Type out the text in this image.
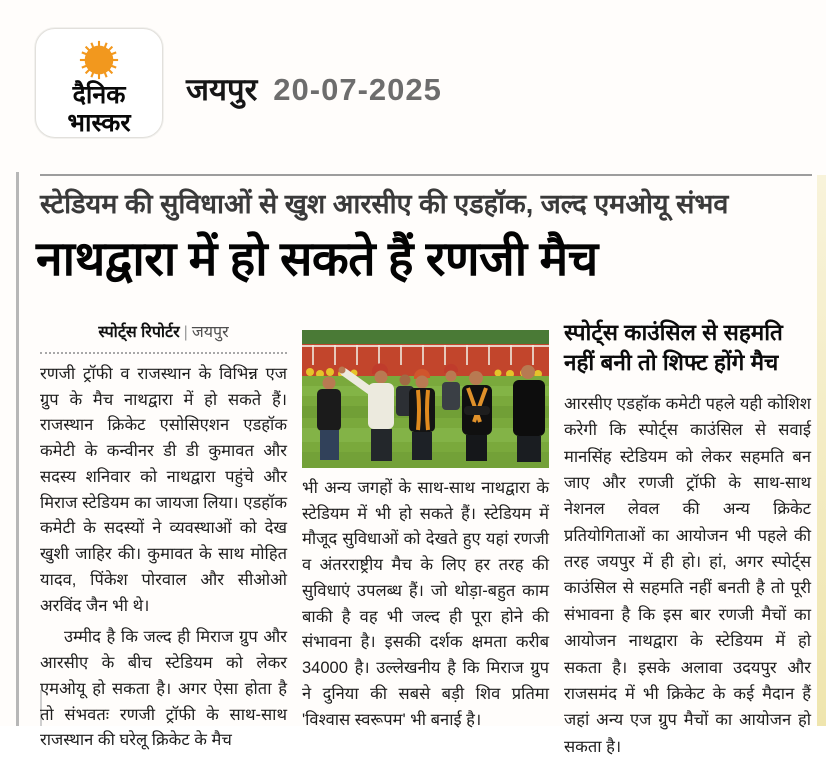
दैनिक
भास्कर
जयपुर 20-07-2025
स्टेडियम की सुविधाओं से खुश आरसीए की एडहॉक, जल्द एमओयू संभव
नाथद्वारा में हो सकते हैं रणजी मैच
स्पोर्ट्स रिपोर्टर | जयपुर

रणजी ट्रॉफी व राजस्थान के विभिन्न एज ग्रुप के मैच नाथद्वारा में हो सकते हैं। राजस्थान क्रिकेट एसोसिएशन एडहॉक कमेटी के कन्वीनर डी डी कुमावत और सदस्य शनिवार को नाथद्वारा पहुंचे और मिराज स्टेडियम का जायजा लिया। एडहॉक कमेटी के सदस्यों ने व्यवस्थाओं को देख खुशी जाहिर की। कुमावत के साथ मोहित यादव, पिंकेश पोरवाल और सीओओ अरविंद जैन भी थे।

उम्मीद है कि जल्द ही मिराज ग्रुप और आरसीए के बीच स्टेडियम को लेकर एमओयू हो सकता है। अगर ऐसा होता है तो संभवतः रणजी ट्रॉफी के साथ-साथ राजस्थान की घरेलू क्रिकेट के मैच

भी अन्य जगहों के साथ-साथ नाथद्वारा के स्टेडियम में भी हो सकते हैं। स्टेडियम में मौजूद सुविधाओं को देखते हुए यहां रणजी व अंतरराष्ट्रीय मैच के लिए हर तरह की सुविधाएं उपलब्ध हैं। जो थोड़ा-बहुत काम बाकी है वह भी जल्द ही पूरा होने की संभावना है। इसकी दर्शक क्षमता करीब 34000 है। उल्लेखनीय है कि मिराज ग्रुप ने दुनिया की सबसे बड़ी शिव प्रतिमा 'विश्वास स्वरूपम' भी बनाई है।

स्पोर्ट्स काउंसिल से सहमति नहीं बनी तो शिफ्ट होंगे मैच

आरसीए एडहॉक कमेटी पहले यही कोशिश करेगी कि स्पोर्ट्स काउंसिल से सवाई मानसिंह स्टेडियम को लेकर सहमति बन जाए और रणजी ट्रॉफी के साथ-साथ नेशनल लेवल की अन्य क्रिकेट प्रतियोगिताओं का आयोजन भी पहले की तरह जयपुर में ही हो। हां, अगर स्पोर्ट्स काउंसिल से सहमति नहीं बनती है तो पूरी संभावना है कि इस बार रणजी मैचों का आयोजन नाथद्वारा के स्टेडियम में हो सकता है। इसके अलावा उदयपुर और राजसमंद में भी क्रिकेट के कई मैदान हैं जहां अन्य एज ग्रुप मैचों का आयोजन हो सकता है।
